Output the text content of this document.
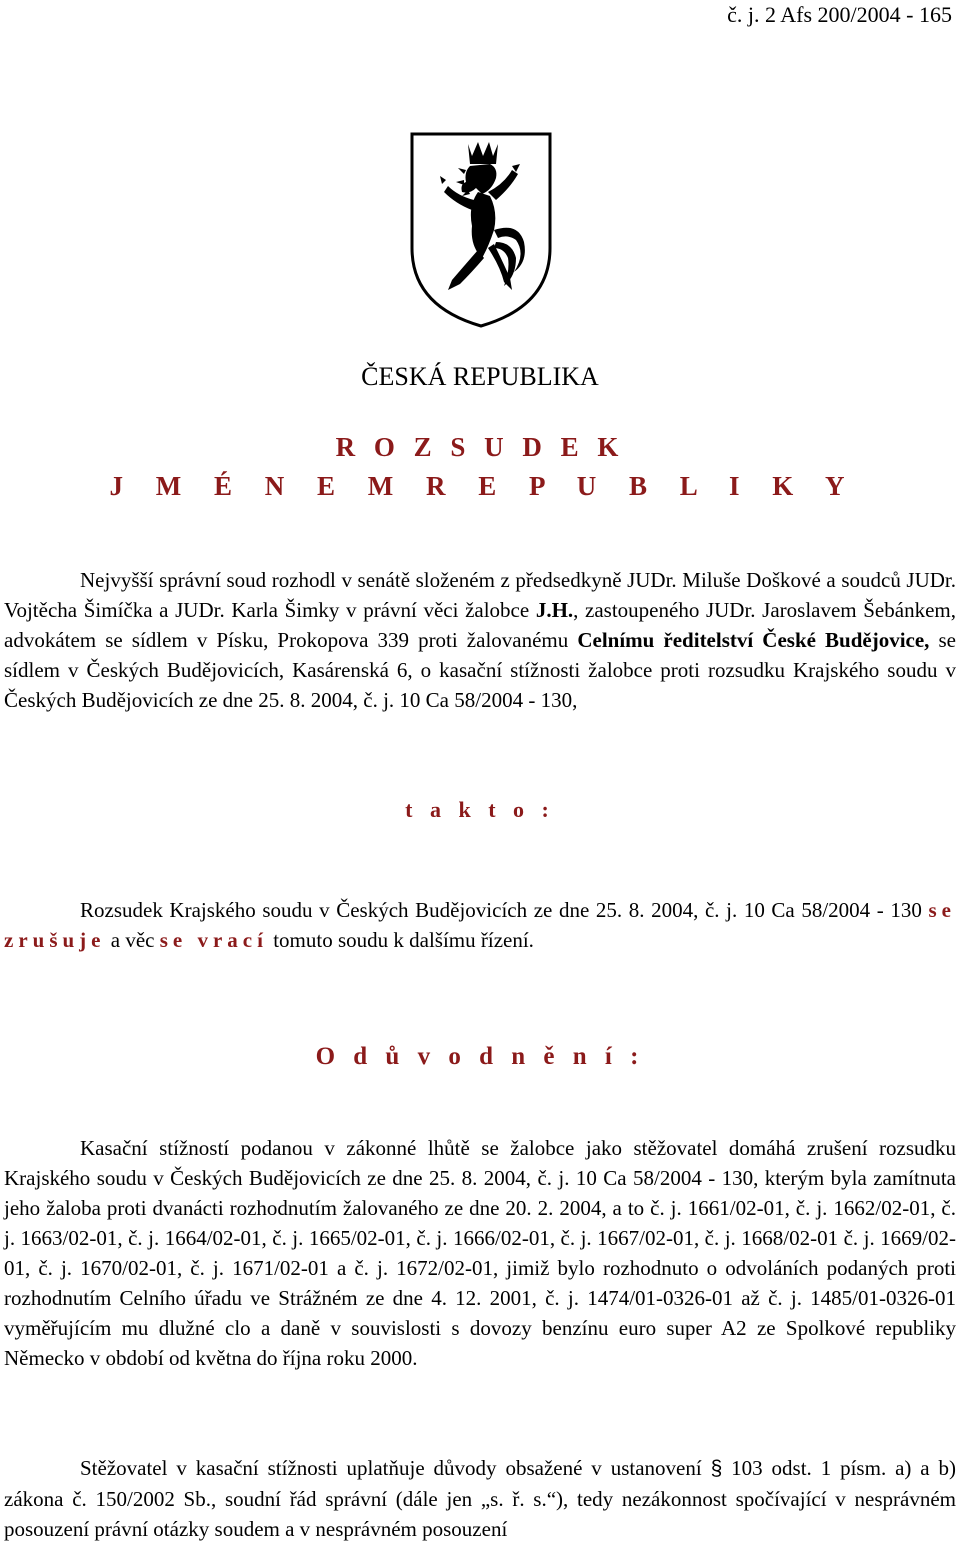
č. j. 2 Afs 200/2004 - 165
ČESKÁ REPUBLIKA
R O Z S U D E K
J M É N E M R E P U B L I K Y

Nejvyšší správní soud rozhodl v senátě složeném z předsedkyně JUDr. Miluše Doškové a soudců JUDr. Vojtěcha Šimíčka a JUDr. Karla Šimky v právní věci žalobce J.H., zastoupeného JUDr. Jaroslavem Šebánkem, advokátem se sídlem v Písku, Prokopova 339 proti žalovanému Celnímu ředitelství České Budějovice, se sídlem v Českých Budějovicích, Kasárenská 6, o kasační stížnosti žalobce proti rozsudku Krajského soudu v Českých Budějovicích ze dne 25. 8. 2004, č. j. 10 Ca 58/2004 - 130,

t a k t o :

Rozsudek Krajského soudu v Českých Budějovicích ze dne 25. 8. 2004, č. j. 10 Ca 58/2004 - 130 se zrušuje a věc se vrací tomuto soudu k dalšímu řízení.

O d ů v o d n ě n í :

Kasační stížností podanou v zákonné lhůtě se žalobce jako stěžovatel domáhá zrušení rozsudku Krajského soudu v Českých Budějovicích ze dne 25. 8. 2004, č. j. 10 Ca 58/2004 - 130, kterým byla zamítnuta jeho žaloba proti dvanácti rozhodnutím žalovaného ze dne 20. 2. 2004, a to č. j. 1661/02-01, č. j. 1662/02-01, č. j. 1663/02-01, č. j. 1664/02-01, č. j. 1665/02-01, č. j. 1666/02-01, č. j. 1667/02-01, č. j. 1668/02-01 č. j. 1669/02-01, č. j. 1670/02-01, č. j. 1671/02-01 a č. j. 1672/02-01, jimiž bylo rozhodnuto o odvoláních podaných proti rozhodnutím Celního úřadu ve Strážném ze dne 4. 12. 2001, č. j. 1474/01-0326-01 až č. j. 1485/01-0326-01 vyměřujícím mu dlužné clo a daně v souvislosti s dovozy benzínu euro super A2 ze Spolkové republiky Německo v období od května do října roku 2000.

Stěžovatel v kasační stížnosti uplatňuje důvody obsažené v ustanovení § 103 odst. 1 písm. a) a b) zákona č. 150/2002 Sb., soudní řád správní (dále jen „s. ř. s.“), tedy nezákonnost spočívající v nesprávném posouzení právní otázky soudem a v nesprávném posouzení
